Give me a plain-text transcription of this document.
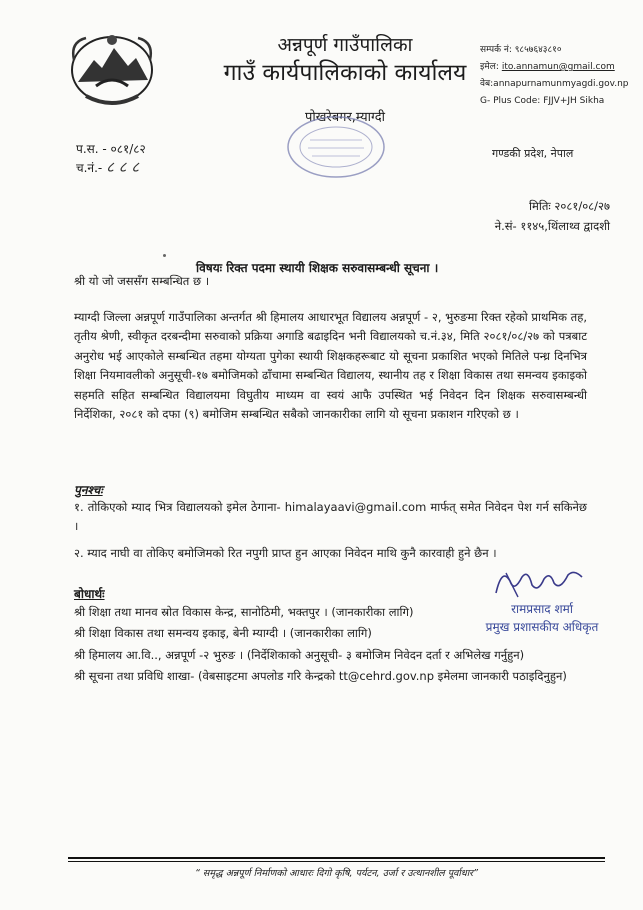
अन्नपूर्ण गाउँपालिका
गाउँ कार्यपालिकाको कार्यालय
पोखरेबगर,म्याग्दी
सम्पर्क नं: ९८५७६४३८१०
इमेल: ito.annamun@gmail.com
वेब:annapurnamunmyagdi.gov.np
G- Plus Code: FJJV+JH Sikha
प.स. - ०८१/८२
च.नं.- ८ ८ ८
गण्डकी प्रदेश, नेपाल
मितिः २०८१/०८/२७
ने.सं- ११४५,थिंलाथ्व द्वादशी
विषयः रिक्त पदमा स्थायी शिक्षक सरुवासम्बन्धी सूचना ।
श्री यो जो जससँग सम्बन्धित छ ।
म्याग्दी जिल्ला अन्नपूर्ण गाउँपालिका अन्तर्गत श्री हिमालय आधारभूत विद्यालय अन्नपूर्ण - २, भुरुङमा रिक्त रहेको प्राथमिक तह, तृतीय श्रेणी, स्वीकृत दरबन्दीमा सरुवाको प्रक्रिया अगाडि बढाइदिन भनी विद्यालयको च.नं.३४, मिति २०८१/०८/२७ को पत्रबाट अनुरोध भई आएकोले सम्बन्धित तहमा योग्यता पुगेका स्थायी शिक्षकहरूबाट यो सूचना प्रकाशित भएको मितिले पन्ध्र दिनभित्र शिक्षा नियमावलीको अनुसूची-१७ बमोजिमको ढाँचामा सम्बन्धित विद्यालय, स्थानीय तह र शिक्षा विकास तथा समन्वय इकाइको सहमति सहित सम्बन्धित विद्यालयमा विघुतीय माध्यम वा स्वयं आफै उपस्थित भई निवेदन दिन शिक्षक सरुवासम्बन्धी निर्देशिका, २०८१ को दफा (९) बमोजिम सम्बन्धित सबैको जानकारीका लागि यो सूचना प्रकाशन गरिएको छ ।
पुनश्चः
१. तोकिएको म्याद भित्र विद्यालयको इमेल ठेगाना- himalayaavi@gmail.com मार्फत् समेत निवेदन पेश गर्न सकिनेछ ।
२. म्याद नाघी वा तोकिए बमोजिमको रित नपुगी प्राप्त हुन आएका निवेदन माथि कुनै कारवाही हुने छैन ।
रामप्रसाद शर्मा
प्रमुख प्रशासकीय अधिकृत
बोधार्थः
श्री शिक्षा तथा मानव स्रोत विकास केन्द्र, सानोठिमी, भक्तपुर । (जानकारीका लागि)
श्री शिक्षा विकास तथा समन्वय इकाइ, बेनी म्याग्दी । (जानकारीका लागि)
श्री हिमालय आ.वि.., अन्नपूर्ण -२ भुरुङ । (निर्देशिकाको अनुसूची- ३ बमोजिम निवेदन दर्ता र अभिलेख गर्नुहुन)
श्री सूचना तथा प्रविधि शाखा- (वेबसाइटमा अपलोड गरि केन्द्रको tt@cehrd.gov.np इमेलमा जानकारी पठाइदिनुहुन)
“ समृद्ध अन्नपूर्ण निर्माणको आधारः दिगो कृषि, पर्यटन, उर्जा र उत्थानशील पूर्वाधार”
